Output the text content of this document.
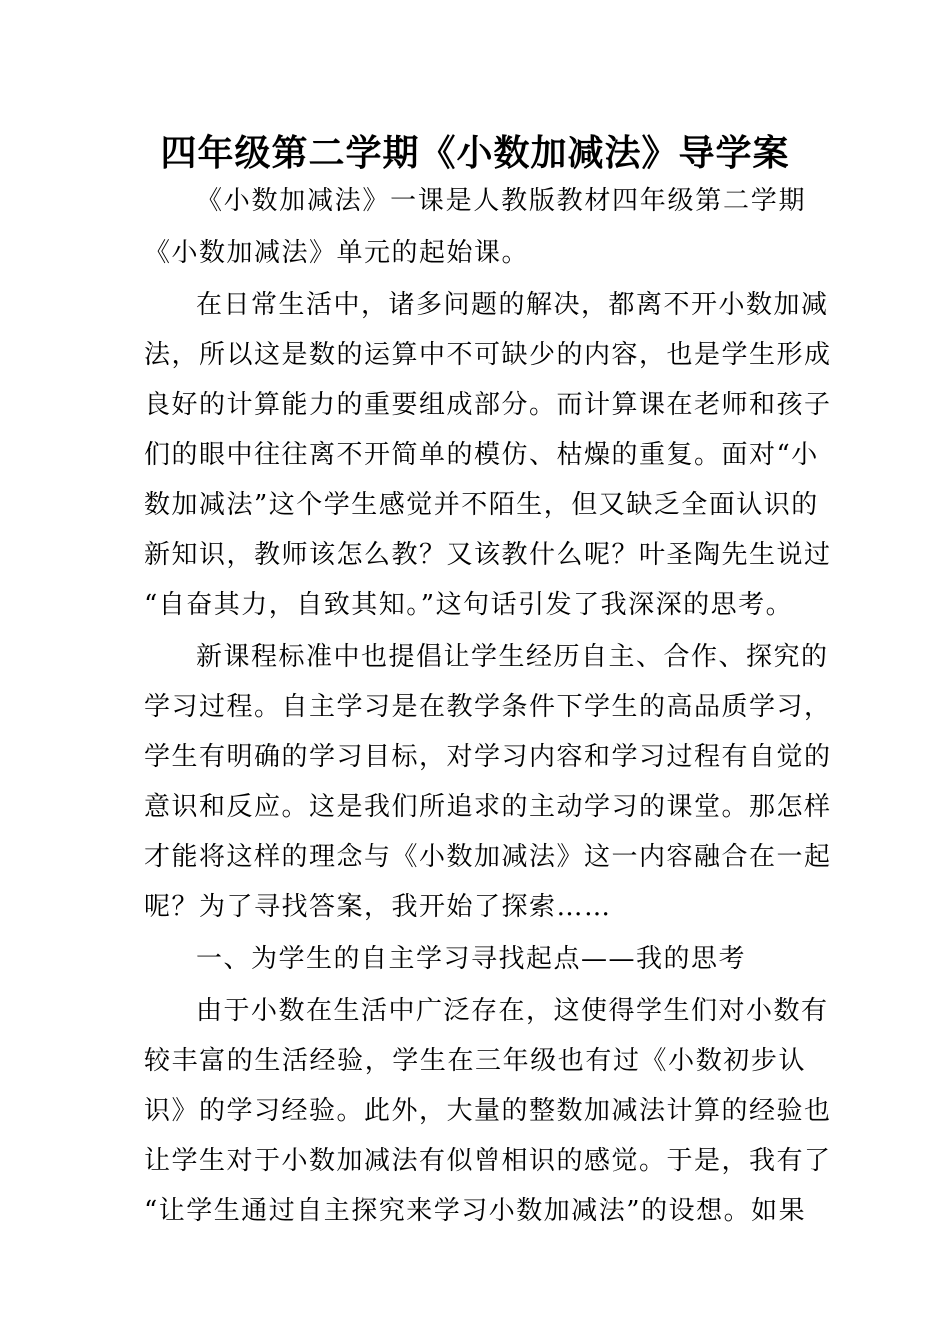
四年级第二学期《小数加减法》导学案

《小数加减法》一课是人教版教材四年级第二学期

《小数加减法》单元的起始课。

在日常生活中，诸多问题的解决，都离不开小数加减

法，所以这是数的运算中不可缺少的内容，也是学生形成

良好的计算能力的重要组成部分。而计算课在老师和孩子

们的眼中往往离不开简单的模仿、枯燥的重复。面对“小

数加减法”这个学生感觉并不陌生，但又缺乏全面认识的

新知识，教师该怎么教？又该教什么呢？叶圣陶先生说过

“自奋其力，自致其知。”这句话引发了我深深的思考。

新课程标准中也提倡让学生经历自主、合作、探究的

学习过程。自主学习是在教学条件下学生的高品质学习，

学生有明确的学习目标，对学习内容和学习过程有自觉的

意识和反应。这是我们所追求的主动学习的课堂。那怎样

才能将这样的理念与《小数加减法》这一内容融合在一起

呢？为了寻找答案，我开始了探索……

一、为学生的自主学习寻找起点——我的思考

由于小数在生活中广泛存在，这使得学生们对小数有

较丰富的生活经验，学生在三年级也有过《小数初步认

识》的学习经验。此外，大量的整数加减法计算的经验也

让学生对于小数加减法有似曾相识的感觉。于是，我有了

“让学生通过自主探究来学习小数加减法”的设想。如果
